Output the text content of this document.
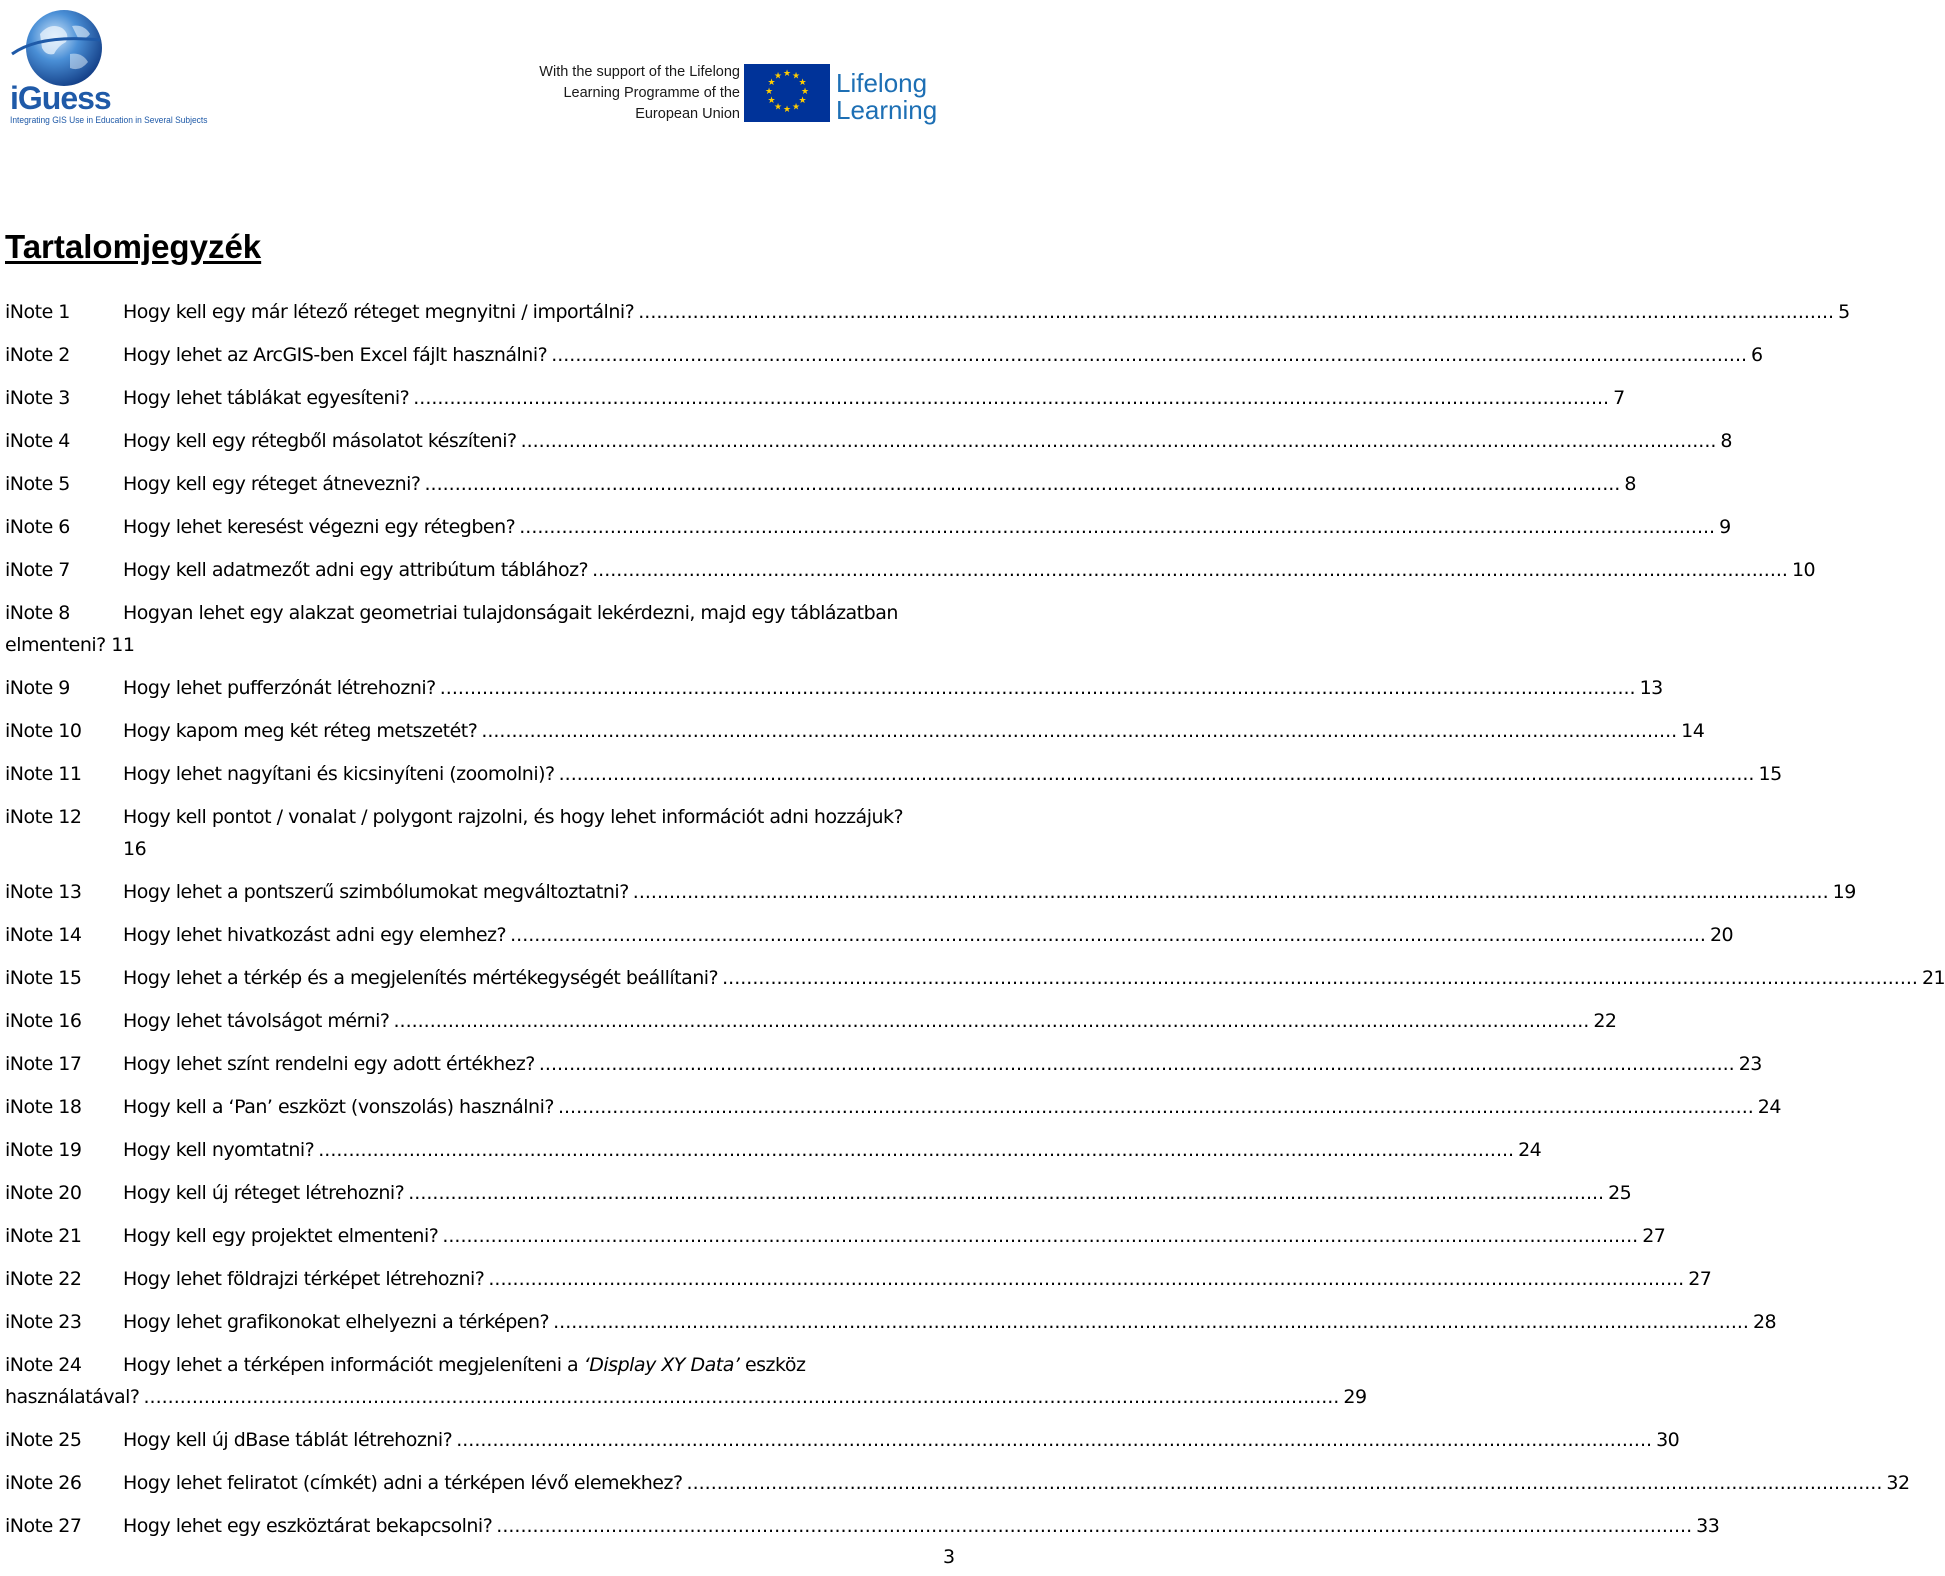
iGuess
Integrating GIS Use in Education in Several Subjects
With the support of the Lifelong
Learning Programme of the
European Union
★ ★
★
★
★
★
★
★
★
★
★
★ Lifelong
Learning
Tartalomjegyzék
iNote 1	Hogy kell egy már létező réteget megnyitni / importálni? .....	5
iNote 2	Hogy lehet az ArcGIS-ben Excel fájlt használni? .....	6
iNote 3	Hogy lehet táblákat egyesíteni? .....	7
iNote 4	Hogy kell egy rétegből másolatot készíteni? .....	8
iNote 5	Hogy kell egy réteget átnevezni? .....	8
iNote 6	Hogy lehet keresést végezni egy rétegben? .....	9
iNote 7	Hogy kell adatmezőt adni egy attribútum táblához? .....	10
iNote 8	Hogyan lehet egy alakzat geometriai tulajdonságait lekérdezni, majd egy táblázatban
elmenteni? 11
iNote 9	Hogy lehet pufferzónát létrehozni? .....	13
iNote 10 Hogy kapom meg két réteg metszetét? .....	14
iNote 11 Hogy lehet nagyítani és kicsinyíteni (zoomolni)? .....	15
iNote 12 Hogy kell pontot / vonalat / polygont rajzolni, és hogy lehet információt adni hozzájuk?
16
iNote 13 Hogy lehet a pontszerű szimbólumokat megváltoztatni? .....	19
iNote 14 Hogy lehet hivatkozást adni egy elemhez? .....	20
iNote 15 Hogy lehet a térkép és a megjelenítés mértékegységét beállítani? .....	21
iNote 16 Hogy lehet távolságot mérni? .....	22
iNote 17 Hogy lehet színt rendelni egy adott értékhez? .....	23
iNote 18 Hogy kell a ‘Pan’ eszközt (vonszolás) használni? .....	24
iNote 19 Hogy kell nyomtatni? .....	24
iNote 20 Hogy kell új réteget létrehozni? .....	25
iNote 21 Hogy kell egy projektet elmenteni? .....	27
iNote 22 Hogy lehet földrajzi térképet létrehozni? .....	27
iNote 23 Hogy lehet grafikonokat elhelyezni a térképen? .....	28
iNote 24 Hogy lehet a térképen információt megjeleníteni a ‘Display XY Data’ eszköz
használatával? .....	29
iNote 25 Hogy kell új dBase táblát létrehozni? .....	30
iNote 26 Hogy lehet feliratot (címkét) adni a térképen lévő elemekhez? .....	32
iNote 27 Hogy lehet egy eszköztárat bekapcsolni? .....	33
3
